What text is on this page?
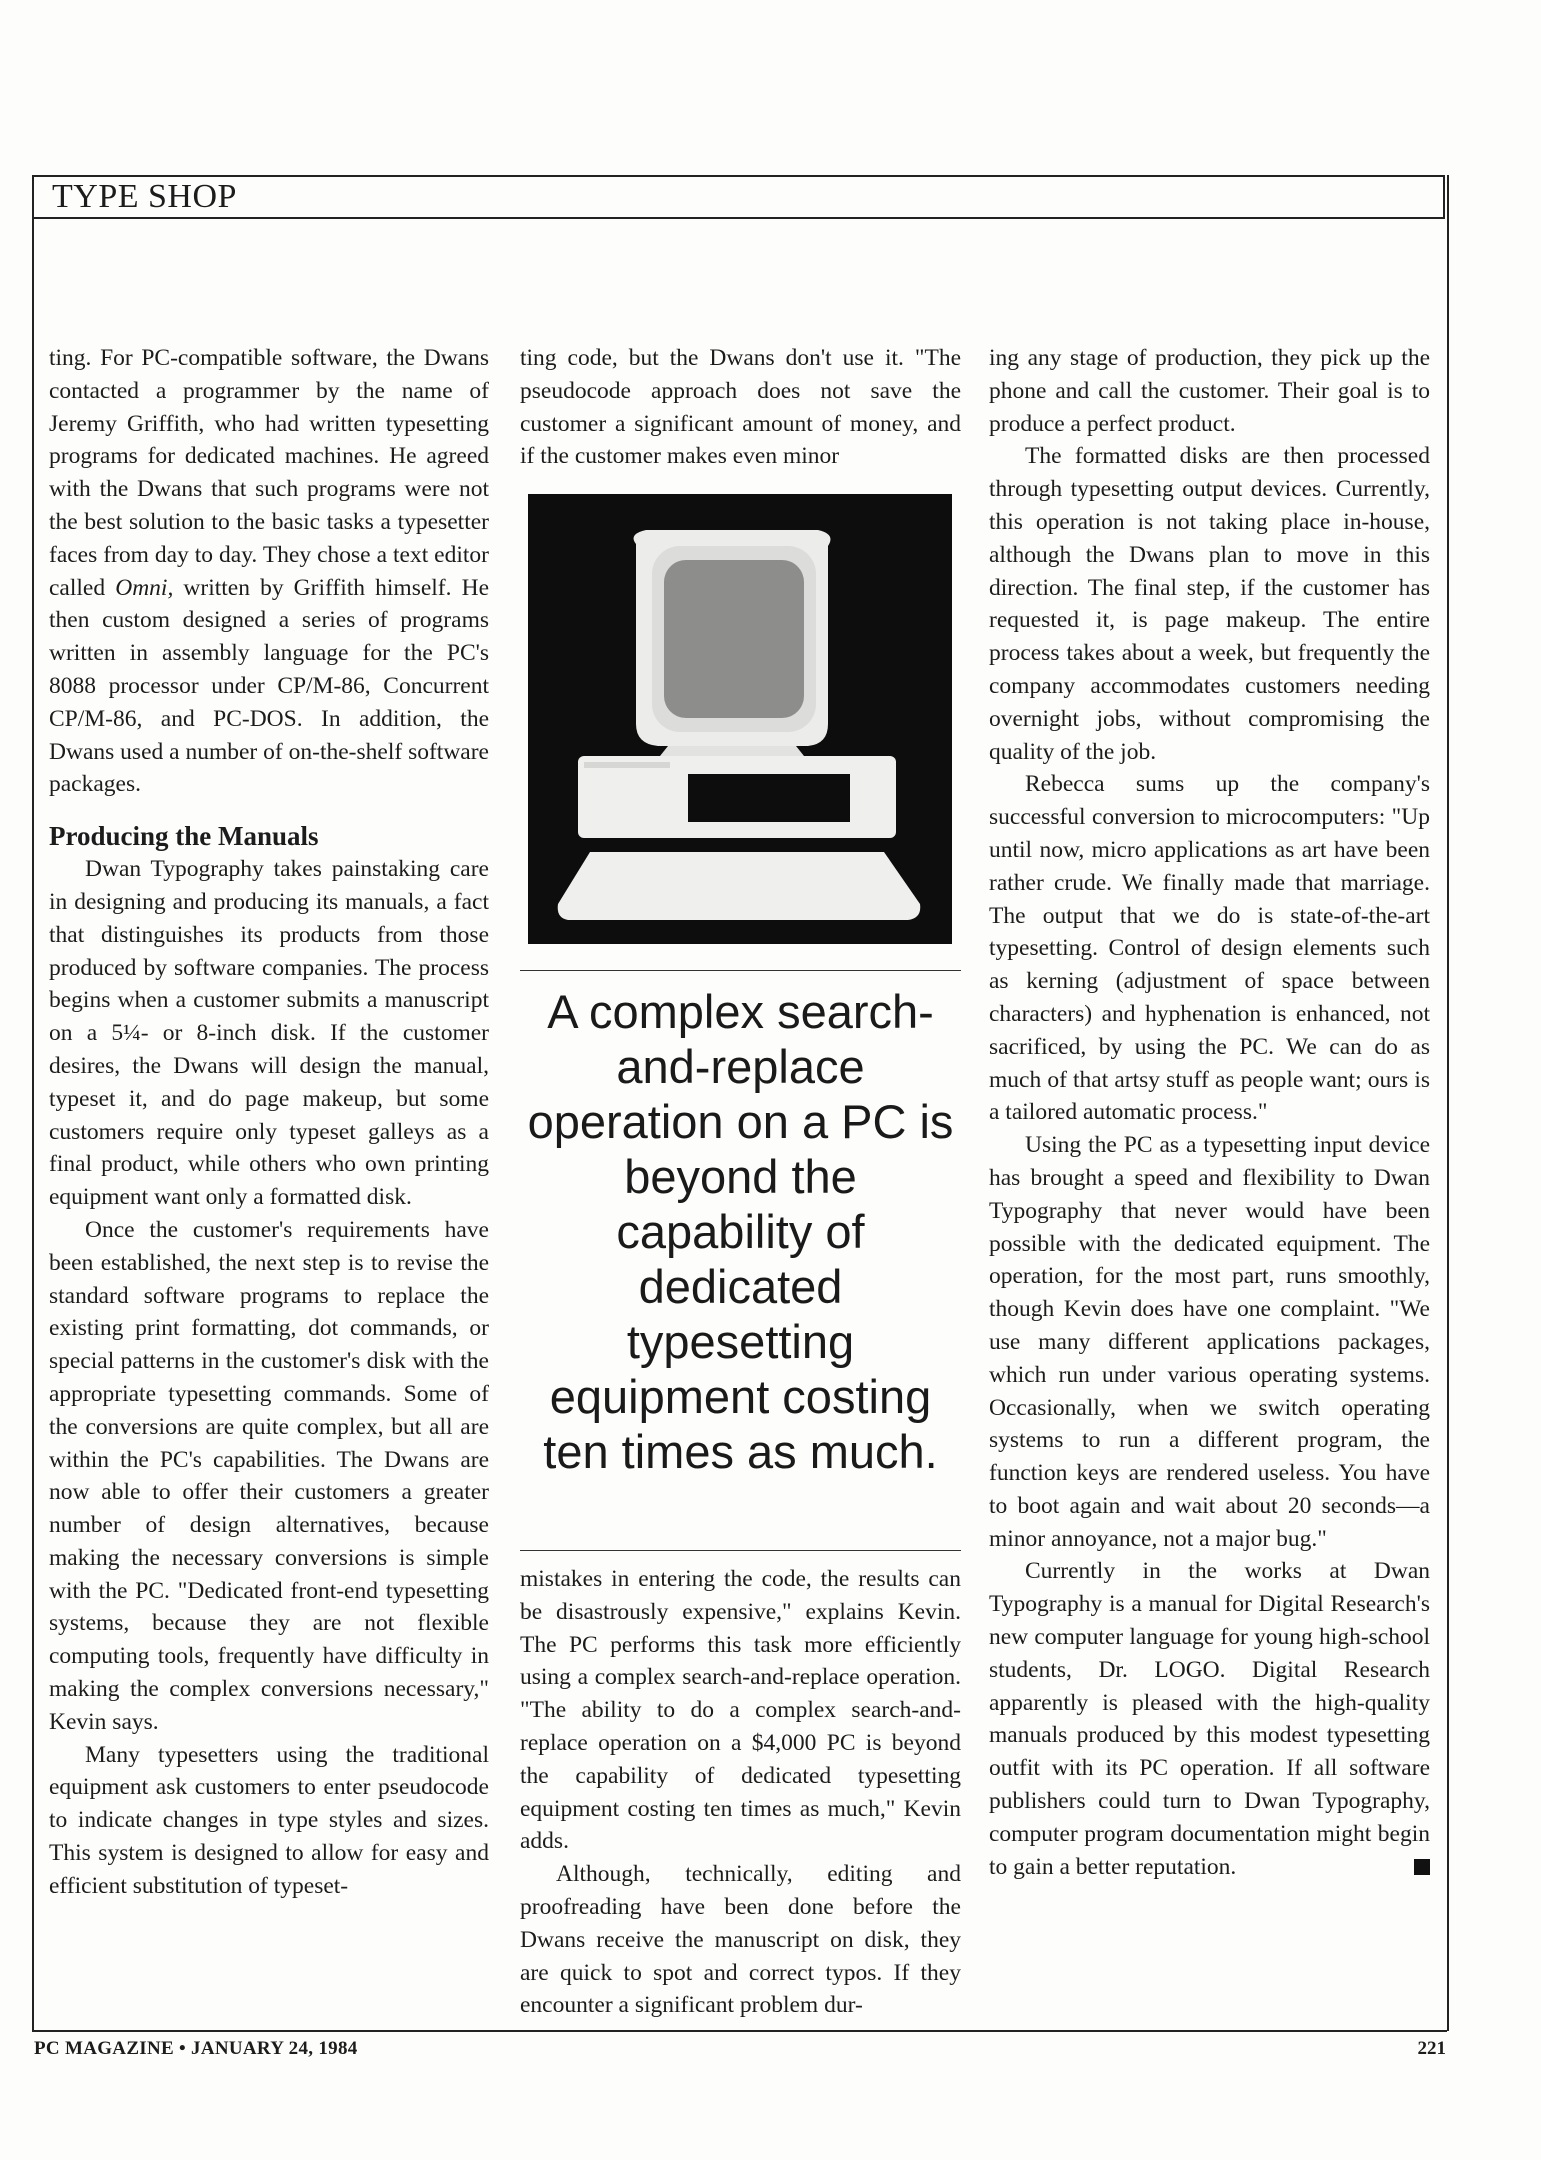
TYPE SHOP

ting. For PC-compatible software, the Dwans contacted a programmer by the name of Jeremy Griffith, who had written typesetting programs for dedicated machines. He agreed with the Dwans that such programs were not the best solution to the basic tasks a typesetter faces from day to day. They chose a text editor called Omni, written by Griffith himself. He then custom designed a series of programs written in assembly language for the PC's 8088 processor under CP/M-86, Concurrent CP/M-86, and PC-DOS. In addition, the Dwans used a number of on-the-shelf software packages.

Producing the Manuals

Dwan Typography takes painstaking care in designing and producing its manuals, a fact that distinguishes its products from those produced by software companies. The process begins when a customer submits a manuscript on a 5¼- or 8-inch disk. If the customer desires, the Dwans will design the manual, typeset it, and do page makeup, but some customers require only typeset galleys as a final product, while others who own printing equipment want only a formatted disk.

Once the customer's requirements have been established, the next step is to revise the standard software programs to replace the existing print formatting, dot commands, or special patterns in the customer's disk with the appropriate typesetting commands. Some of the conversions are quite complex, but all are within the PC's capabilities. The Dwans are now able to offer their customers a greater number of design alternatives, because making the necessary conversions is simple with the PC. "Dedicated front-end typesetting systems, because they are not flexible computing tools, frequently have difficulty in making the complex conversions necessary," Kevin says.

Many typesetters using the traditional equipment ask customers to enter pseudocode to indicate changes in type styles and sizes. This system is designed to allow for easy and efficient substitution of typeset-

ting code, but the Dwans don't use it. "The pseudocode approach does not save the customer a significant amount of money, and if the customer makes even minor

A complex search-and-replace operation on a PC is beyond the capability of dedicated typesetting equipment costing ten times as much.

mistakes in entering the code, the results can be disastrously expensive," explains Kevin. The PC performs this task more efficiently using a complex search-and-replace operation. "The ability to do a complex search-and-replace operation on a $4,000 PC is beyond the capability of dedicated typesetting equipment costing ten times as much," Kevin adds.

Although, technically, editing and proofreading have been done before the Dwans receive the manuscript on disk, they are quick to spot and correct typos. If they encounter a significant problem dur-

ing any stage of production, they pick up the phone and call the customer. Their goal is to produce a perfect product.

The formatted disks are then processed through typesetting output devices. Currently, this operation is not taking place in-house, although the Dwans plan to move in this direction. The final step, if the customer has requested it, is page makeup. The entire process takes about a week, but frequently the company accommodates customers needing overnight jobs, without compromising the quality of the job.

Rebecca sums up the company's successful conversion to microcomputers: "Up until now, micro applications as art have been rather crude. We finally made that marriage. The output that we do is state-of-the-art typesetting. Control of design elements such as kerning (adjustment of space between characters) and hyphenation is enhanced, not sacrificed, by using the PC. We can do as much of that artsy stuff as people want; ours is a tailored automatic process."

Using the PC as a typesetting input device has brought a speed and flexibility to Dwan Typography that never would have been possible with the dedicated equipment. The operation, for the most part, runs smoothly, though Kevin does have one complaint. "We use many different applications packages, which run under various operating systems. Occasionally, when we switch operating systems to run a different program, the function keys are rendered useless. You have to boot again and wait about 20 seconds—a minor annoyance, not a major bug."

Currently in the works at Dwan Typography is a manual for Digital Research's new computer language for young high-school students, Dr. LOGO. Digital Research apparently is pleased with the high-quality manuals produced by this modest typesetting outfit with its PC operation. If all software publishers could turn to Dwan Typography, computer program documentation might begin to gain a better reputation.

PC MAGAZINE • JANUARY 24, 1984	221
